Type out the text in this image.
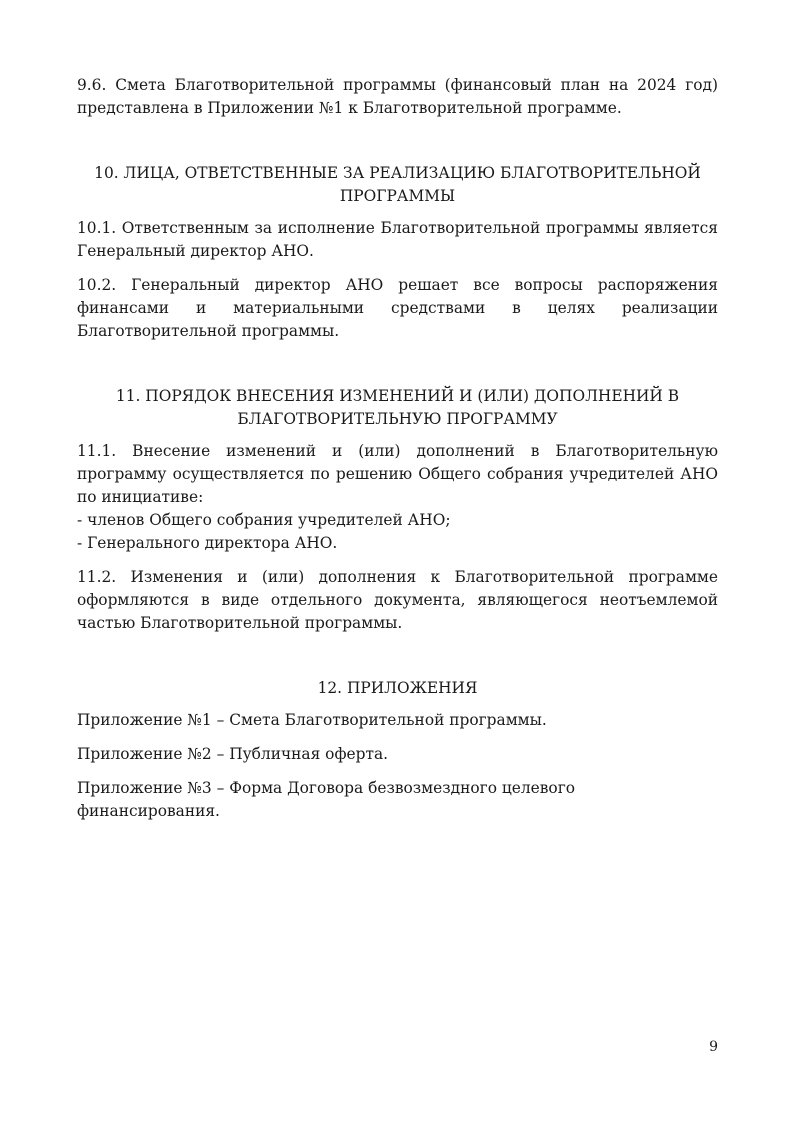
9.6. Смета Благотворительной программы (финансовый план на 2024 год) представлена в Приложении №1 к Благотворительной программе.

10. ЛИЦА, ОТВЕТСТВЕННЫЕ ЗА РЕАЛИЗАЦИЮ БЛАГОТВОРИТЕЛЬНОЙ
ПРОГРАММЫ

10.1. Ответственным за исполнение Благотворительной программы является Генеральный директор АНО.

10.2. Генеральный директор АНО решает все вопросы распоряжения финансами и материальными средствами в целях реализации Благотворительной программы.

11. ПОРЯДОК ВНЕСЕНИЯ ИЗМЕНЕНИЙ И (ИЛИ) ДОПОЛНЕНИЙ В
БЛАГОТВОРИТЕЛЬНУЮ ПРОГРАММУ

11.1. Внесение изменений и (или) дополнений в Благотворительную программу осуществляется по решению Общего собрания учредителей АНО по инициативе:

- членов Общего собрания учредителей АНО;
- Генерального директора АНО.

11.2. Изменения и (или) дополнения к Благотворительной программе оформляются в виде отдельного документа, являющегося неотъемлемой частью Благотворительной программы.

12. ПРИЛОЖЕНИЯ

Приложение №1 – Смета Благотворительной программы.

Приложение №2 – Публичная оферта.

Приложение №3 – Форма Договора безвозмездного целевого финансирования.

9
